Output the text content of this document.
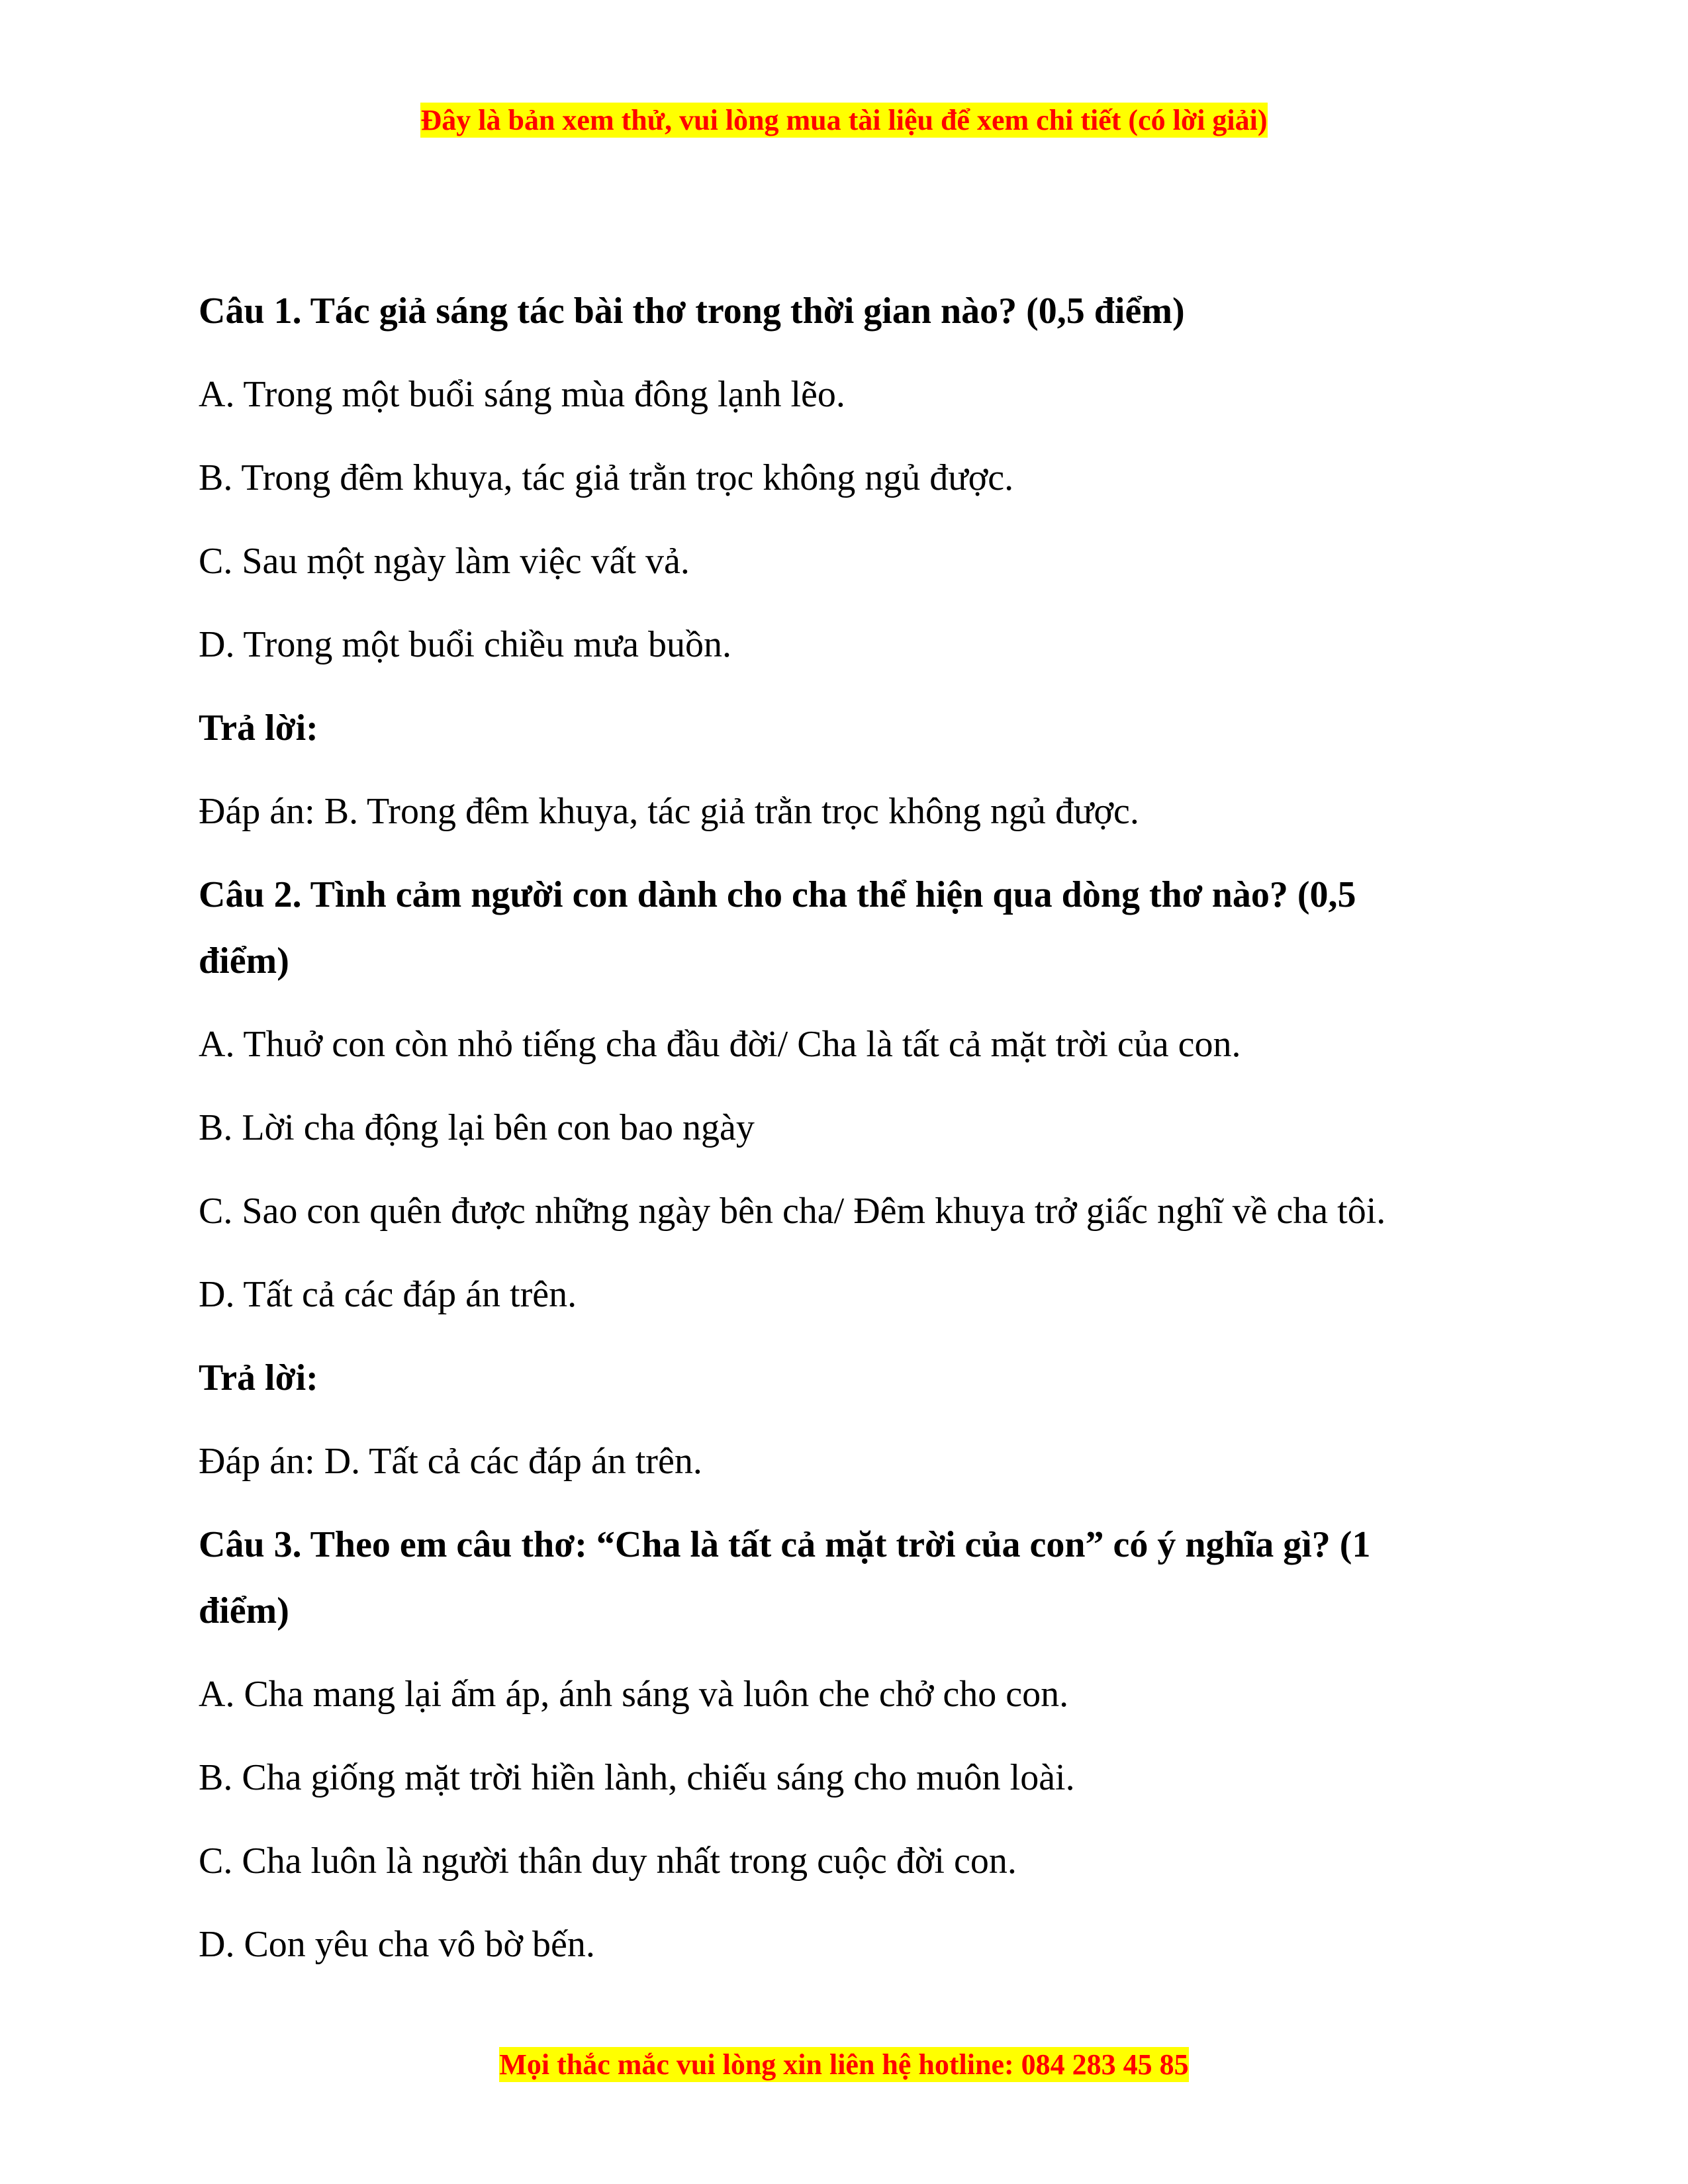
Đây là bản xem thử, vui lòng mua tài liệu để xem chi tiết (có lời giải)
Câu 1. Tác giả sáng tác bài thơ trong thời gian nào? (0,5 điểm)
A. Trong một buổi sáng mùa đông lạnh lẽo.
B. Trong đêm khuya, tác giả trằn trọc không ngủ được.
C. Sau một ngày làm việc vất vả.
D. Trong một buổi chiều mưa buồn.
Trả lời:
Đáp án: B. Trong đêm khuya, tác giả trằn trọc không ngủ được.
Câu 2. Tình cảm người con dành cho cha thể hiện qua dòng thơ nào? (0,5 điểm)
A. Thuở con còn nhỏ tiếng cha đầu đời/ Cha là tất cả mặt trời của con.
B. Lời cha động lại bên con bao ngày
C. Sao con quên được những ngày bên cha/ Đêm khuya trở giấc nghĩ về cha tôi.
D. Tất cả các đáp án trên.
Trả lời:
Đáp án: D. Tất cả các đáp án trên.
Câu 3. Theo em câu thơ: “Cha là tất cả mặt trời của con” có ý nghĩa gì? (1 điểm)
A. Cha mang lại ấm áp, ánh sáng và luôn che chở cho con.
B. Cha giống mặt trời hiền lành, chiếu sáng cho muôn loài.
C. Cha luôn là người thân duy nhất trong cuộc đời con.
D. Con yêu cha vô bờ bến.
Mọi thắc mắc vui lòng xin liên hệ hotline: 084 283 45 85
